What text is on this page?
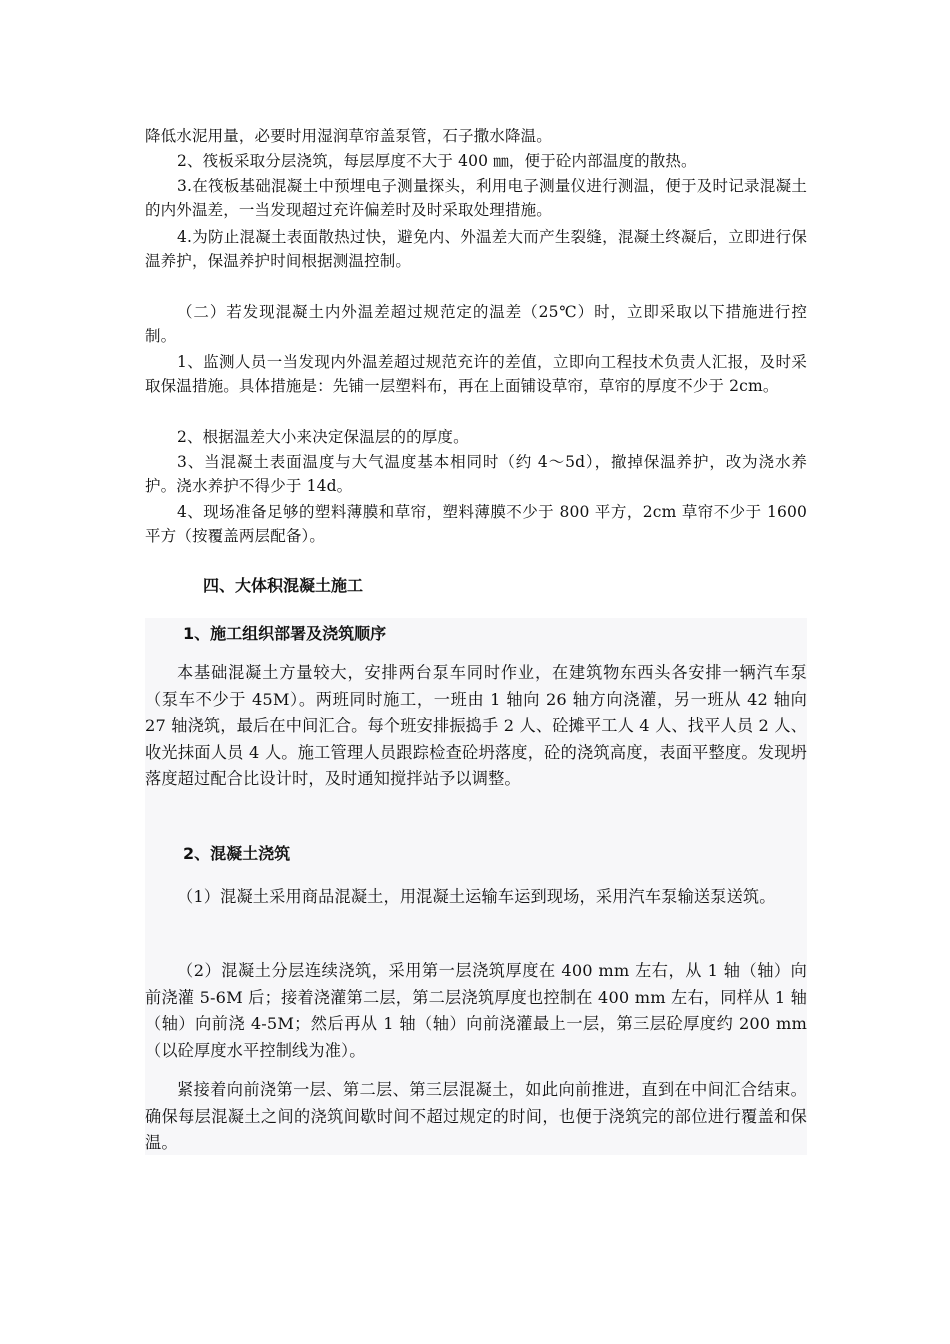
降低水泥用量，必要时用湿润草帘盖泵管，石子撒水降温。

2、筏板采取分层浇筑，每层厚度不大于 400 ㎜，便于砼内部温度的散热。

3.在筏板基础混凝土中预埋电子测量探头，利用电子测量仪进行测温，便于及时记录混凝土的内外温差，一当发现超过充许偏差时及时采取处理措施。

4.为防止混凝土表面散热过快，避免内、外温差大而产生裂缝，混凝土终凝后，立即进行保温养护，保温养护时间根据测温控制。

（二）若发现混凝土内外温差超过规范定的温差（25℃）时，立即采取以下措施进行控制。

1、监测人员一当发现内外温差超过规范充许的差值，立即向工程技术负责人汇报，及时采取保温措施。具体措施是：先铺一层塑料布，再在上面铺设草帘，草帘的厚度不少于 2cm。

2、根据温差大小来决定保温层的的厚度。

3、当混凝土表面温度与大气温度基本相同时（约 4～5d），撤掉保温养护，改为浇水养护。浇水养护不得少于 14d。

4、现场准备足够的塑料薄膜和草帘，塑料薄膜不少于 800 平方，2cm 草帘不少于 1600 平方（按覆盖两层配备）。

四、大体积混凝土施工
1、施工组织部署及浇筑顺序

本基础混凝土方量较大，安排两台泵车同时作业，在建筑物东西头各安排一辆汽车泵（泵车不少于 45M）。两班同时施工，一班由 1 轴向 26 轴方向浇灌，另一班从 42 轴向 27 轴浇筑，最后在中间汇合。每个班安排振捣手 2 人、砼摊平工人 4 人、找平人员 2 人、收光抹面人员 4 人。施工管理人员跟踪检查砼坍落度，砼的浇筑高度，表面平整度。发现坍落度超过配合比设计时，及时通知搅拌站予以调整。

2、混凝土浇筑

（1）混凝土采用商品混凝土，用混凝土运输车运到现场，采用汽车泵输送泵送筑。

（2）混凝土分层连续浇筑，采用第一层浇筑厚度在 400 mm 左右，从 1 轴（轴）向前浇灌 5-6M 后；接着浇灌第二层，第二层浇筑厚度也控制在 400 mm 左右，同样从 1 轴（轴）向前浇 4-5M；然后再从 1 轴（轴）向前浇灌最上一层，第三层砼厚度约 200 mm（以砼厚度水平控制线为准）。

紧接着向前浇第一层、第二层、第三层混凝土，如此向前推进，直到在中间汇合结束。确保每层混凝土之间的浇筑间歇时间不超过规定的时间，也便于浇筑完的部位进行覆盖和保温。
